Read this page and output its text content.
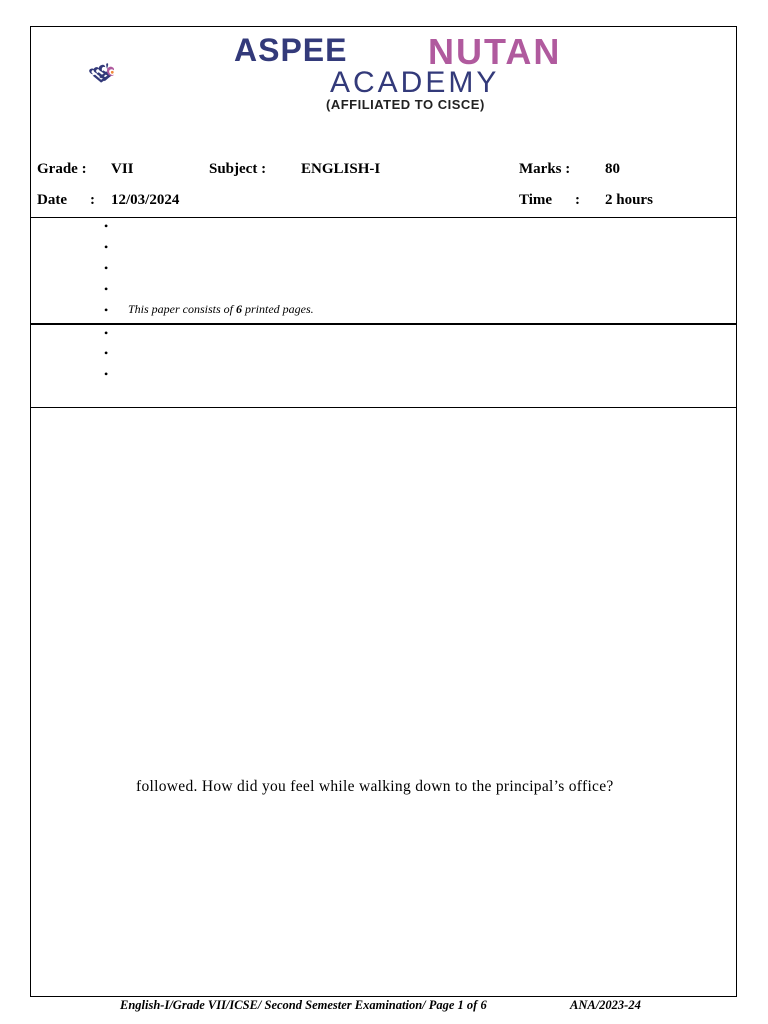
ASPEE NUTAN
ACADEMY
(AFFILIATED TO CISCE)
Grade : VII	Subject : ENGLISH-I	Marks : 80
Date : 12/03/2024	Time : 2 hours
•
•
•
•
• This paper consists of 6 printed pages.
•
•
•
followed. How did you feel while walking down to the principal’s office?
English-I/Grade VII/ICSE/ Second Semester Examination/ Page 1 of 6	ANA/2023-24
